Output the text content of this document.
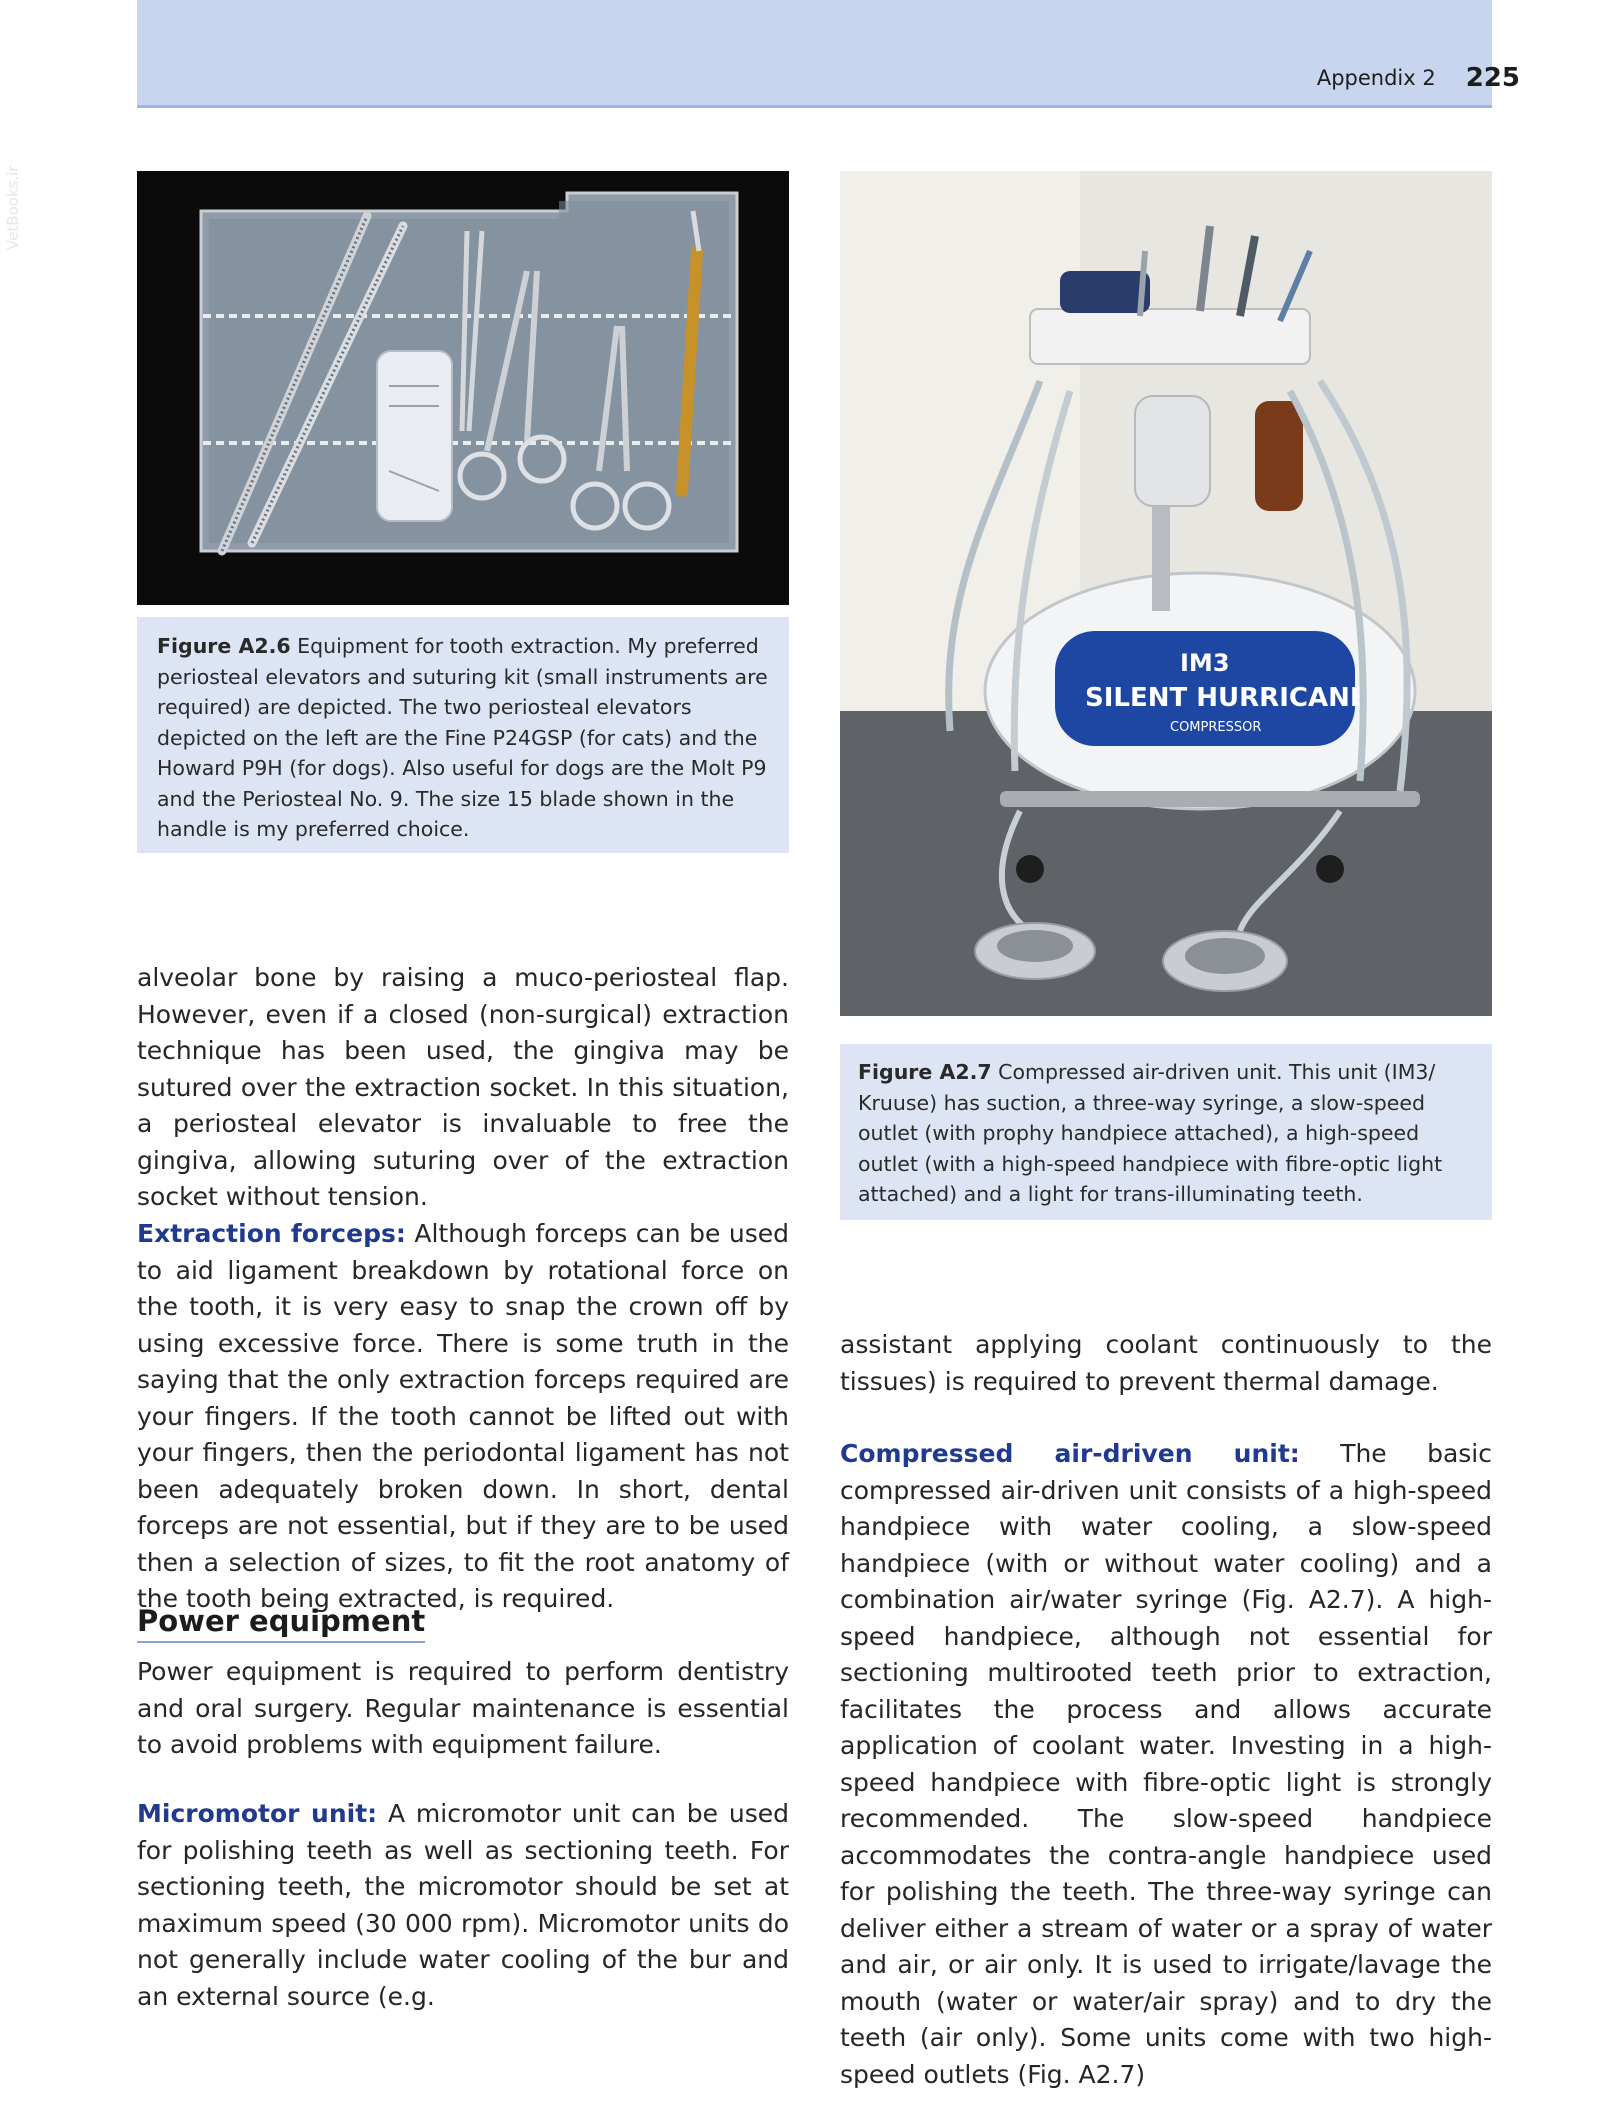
Appendix 2 225
VetBooks.ir
Figure A2.6 Equipment for tooth extraction. My preferred periosteal elevators and suturing kit (small instruments are required) are depicted. The two periosteal elevators depicted on the left are the Fine P24GSP (for cats) and the Howard P9H (for dogs). Also useful for dogs are the Molt P9 and the Periosteal No. 9. The size 15 blade shown in the handle is my preferred choice.
IM3
SILENT HURRICANE
COMPRESSOR
Figure A2.7 Compressed air-driven unit. This unit (IM3/ Kruuse) has suction, a three-way syringe, a slow-speed outlet (with prophy handpiece attached), a high-speed outlet (with a high-speed handpiece with fibre-optic light attached) and a light for trans-illuminating teeth.

alveolar bone by raising a muco-periosteal flap. However, even if a closed (non-surgical) extraction technique has been used, the gingiva may be sutured over the extraction socket. In this situation, a periosteal elevator is invaluable to free the gingiva, allowing suturing over of the extraction socket without tension.

Extraction forceps: Although forceps can be used to aid ligament breakdown by rotational force on the tooth, it is very easy to snap the crown off by using excessive force. There is some truth in the saying that the only extraction forceps required are your fingers. If the tooth cannot be lifted out with your fingers, then the periodontal ligament has not been adequately broken down. In short, dental forceps are not essential, but if they are to be used then a selection of sizes, to fit the root anatomy of the tooth being extracted, is required.

Power equipment

Power equipment is required to perform dentistry and oral surgery. Regular maintenance is essential to avoid problems with equipment failure.

Micromotor unit: A micromotor unit can be used for polishing teeth as well as sectioning teeth. For sectioning teeth, the micromotor should be set at maximum speed (30 000 rpm). Micromotor units do not generally include water cooling of the bur and an external source (e.g.

assistant applying coolant continuously to the tissues) is required to prevent thermal damage.

Compressed air-driven unit: The basic compressed air-driven unit consists of a high-speed handpiece with water cooling, a slow-speed handpiece (with or without water cooling) and a combination air/water syringe (Fig. A2.7). A high-speed handpiece, although not essential for sectioning multirooted teeth prior to extraction, facilitates the process and allows accurate application of coolant water. Investing in a high-speed handpiece with fibre-optic light is strongly recommended. The slow-speed handpiece accommodates the contra-angle handpiece used for polishing the teeth. The three-way syringe can deliver either a stream of water or a spray of water and air, or air only. It is used to irrigate/lavage the mouth (water or water/air spray) and to dry the teeth (air only). Some units come with two high-speed outlets (Fig. A2.7)
